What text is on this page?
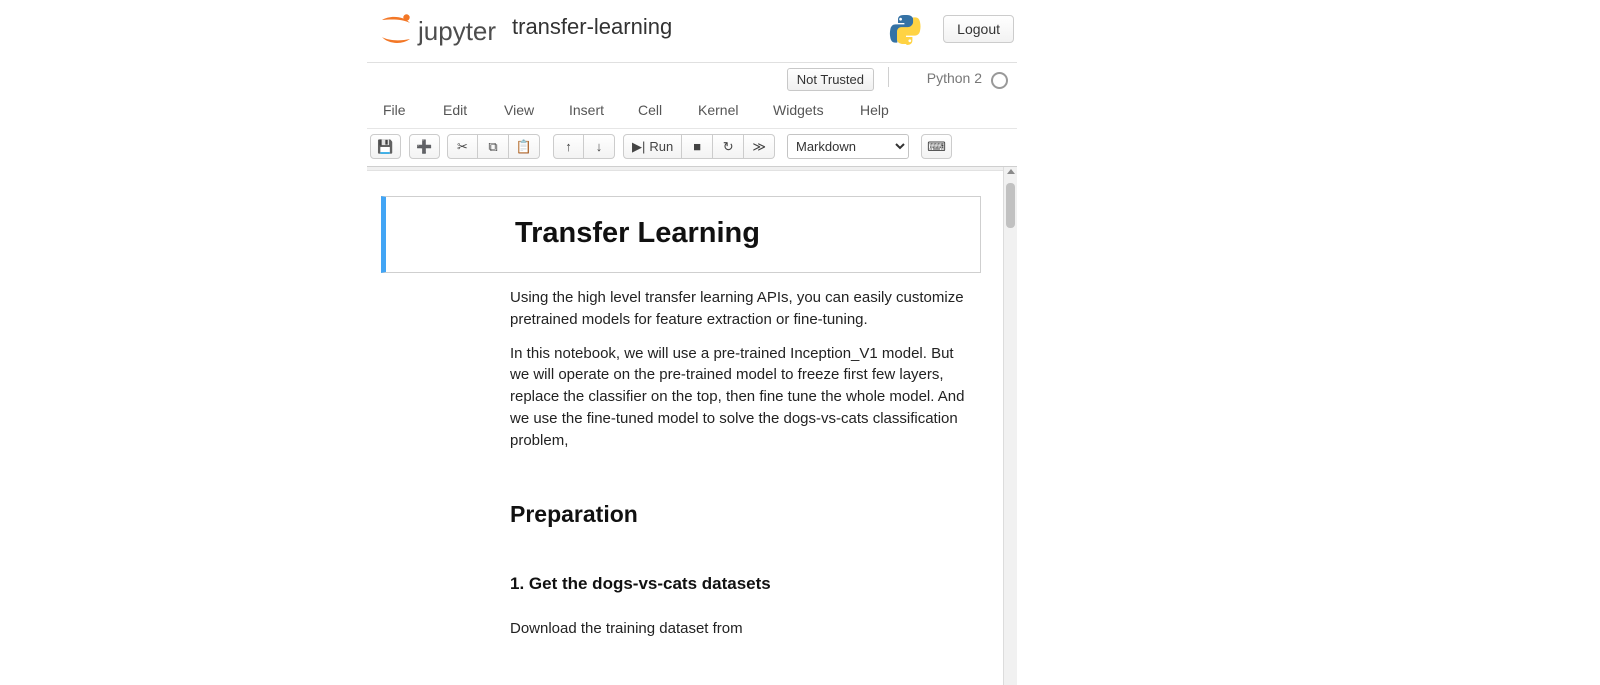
jupyter transfer-learning	Logout
Not Trusted	Python 2
File	Edit	View	Insert	Cell	Kernel	Widgets	Help
💾	➕	✂	⧉	📋	↑	↓	▶| Run	■	↻	≫
Markdown	⌨
Transfer Learning

Using the high level transfer learning APIs, you can easily customize pretrained models for feature extraction or fine-tuning.

In this notebook, we will use a pre-trained Inception_V1 model. But we will operate on the pre-trained model to freeze first few layers, replace the classifier on the top, then fine tune the whole model. And we use the fine-tuned model to solve the dogs-vs-cats classification problem,

Preparation
1. Get the dogs-vs-cats datasets

Download the training dataset from
